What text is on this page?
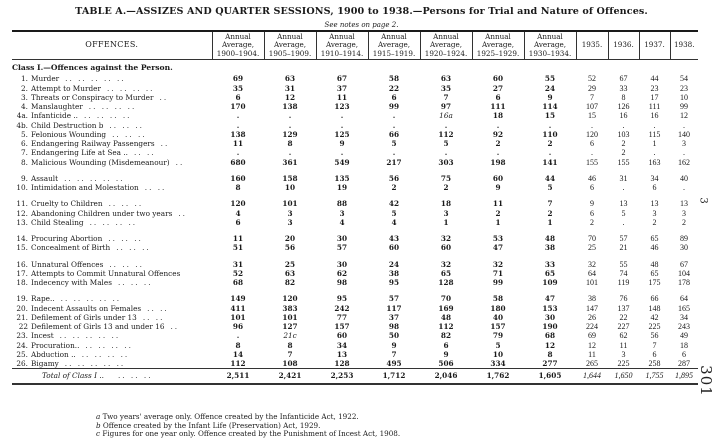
TABLE A.—ASSIZES AND QUARTER SESSIONS, 1900 to 1938.—Persons for Trial and Nature of Offences.
See notes on page 2.
OFFENCES.	Annual Average, 1900–1904.	Annual Average, 1905–1909.	Annual Average, 1910–1914.	Annual Average, 1915–1919.	Annual Average, 1920–1924.	Annual Average, 1925–1929.	Annual Average, 1930–1934.	1935.	1936.	1937.	1938.
Class I.—Offences against the Person.											
1. Murder .. .. .. .. ..	69	63	67	58	63	60	55	52	67	44	54
2. Attempt to Murder .. .. .. ..	35	31	37	22	35	27	24	29	33	23	23
3. Threats or Conspiracy to Murder ..	6	12	11	6	7	6	9	7	8	17	10
4. Manslaughter .. .. .. ..	170	138	123	99	97	111	114	107	126	111	99
4a. Infanticide .. .. .. .. ..	.	.	.	.	16a	18	15	15	16	16	12
4b. Child Destruction b .. .. ..	.	.	.	.	.	.	.	.	.	.	.
5. Felonious Wounding .. .. ..	138	129	125	66	112	92	110	120	103	115	140
6. Endangering Railway Passengers ..	11	8	9	5	5	2	2	6	2	1	3
7. Endangering Life at Sea .. .. ..	.	.	.	.	.	.	.	.	2	.	.
8. Malicious Wounding (Misdemeanour) ..	680	361	549	217	303	198	141	155	155	163	162

9. Assault .. .. .. .. ..	160	158	135	56	75	60	44	46	31	34	40
10. Intimidation and Molestation .. ..	8	10	19	2	2	9	5	6	.	6	.

11. Cruelty to Children .. .. ..	120	101	88	42	18	11	7	9	13	13	13
12. Abandoning Children under two years ..	4	3	3	5	3	2	2	6	5	3	3
13. Child Stealing .. .. .. ..	6	3	4	4	1	1	1	2	.	2	2

14. Procuring Abortion .. .. ..	11	20	30	43	32	53	48	70	57	65	89
15. Concealment of Birth .. .. ..	51	56	57	60	60	47	38	25	21	46	30

16. Unnatural Offences .. .. ..	31	25	30	24	32	32	33	32	55	48	67
17. Attempts to Commit Unnatural Offences	52	63	62	38	65	71	65	64	74	65	104
18. Indecency with Males .. .. ..	68	82	98	95	128	99	109	101	119	175	178

19. Rape.. .. .. .. .. ..	149	120	95	57	70	58	47	38	76	66	64
20. Indecent Assaults on Females .. ..	411	383	242	117	169	180	153	147	137	148	165
21. Defilement of Girls under 13 .. ..	101	101	77	37	48	40	30	26	22	42	34
22 Defilement of Girls 13 and under 16 ..	96	127	157	98	112	157	190	224	227	225	243
23. Incest .. .. .. .. ..	.	21c	60	50	82	79	68	69	62	56	49
24. Procuration.. .. .. .. ..	8	8	34	9	6	5	12	12	11	7	18
25. Abduction .. .. .. .. ..	14	7	13	7	9	10	8	11	3	6	6
26. Bigamy .. .. .. .. ..	112	108	128	495	506	334	277	265	225	258	287
Total of Class I .. .. .. ..	2,511	2,421	2,253	1,712	2,046	1,762	1,605	1,644	1,650	1,755	1,895
a Two years' average only. Offence created by the Infanticide Act, 1922.
b Offence created by the Infant Life (Preservation) Act, 1929.
c Figures for one year only. Offence created by the Punishment of Incest Act, 1908.
3
301
